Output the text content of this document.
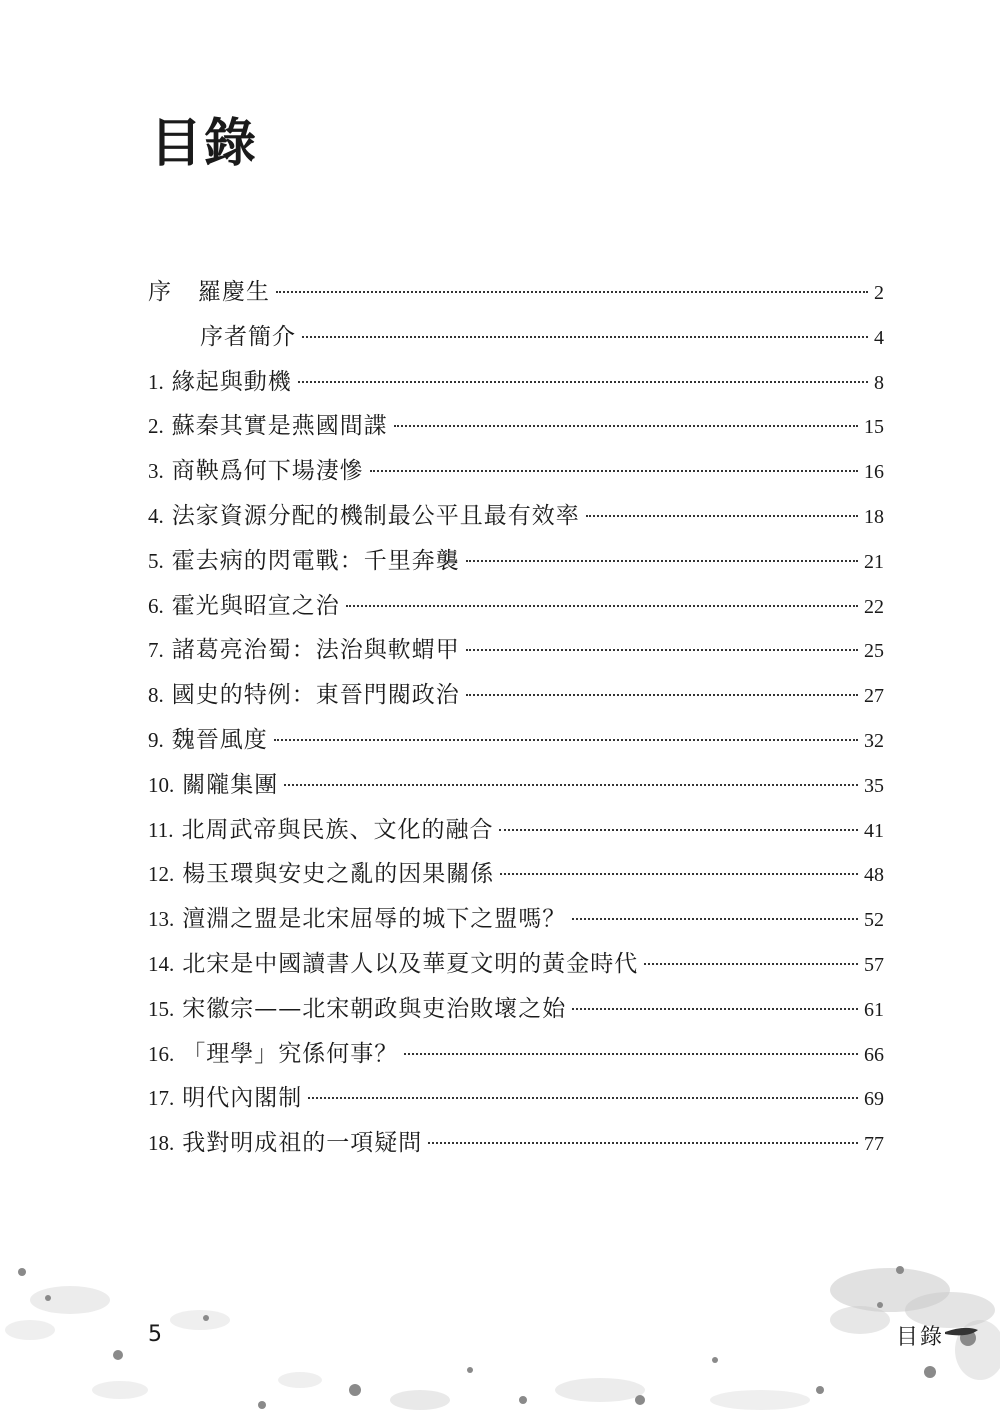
目錄
序 羅慶生	2
序者簡介	4
1. 緣起與動機	8
2. 蘇秦其實是燕國間諜	15
3. 商鞅爲何下場淒慘	16
4. 法家資源分配的機制最公平且最有效率	18
5. 霍去病的閃電戰：千里奔襲	21
6. 霍光與昭宣之治	22
7. 諸葛亮治蜀：法治與軟蝟甲	25
8. 國史的特例：東晉門閥政治	27
9. 魏晉風度	32
10. 關隴集團	35
11. 北周武帝與民族、文化的融合	41
12. 楊玉環與安史之亂的因果關係	48
13. 澶淵之盟是北宋屈辱的城下之盟嗎？	52
14. 北宋是中國讀書人以及華夏文明的黃金時代	57
15. 宋徽宗——北宋朝政與吏治敗壞之始	61
16. 「理學」究係何事？	66
17. 明代內閣制	69
18. 我對明成祖的一項疑問	77
5	目錄
